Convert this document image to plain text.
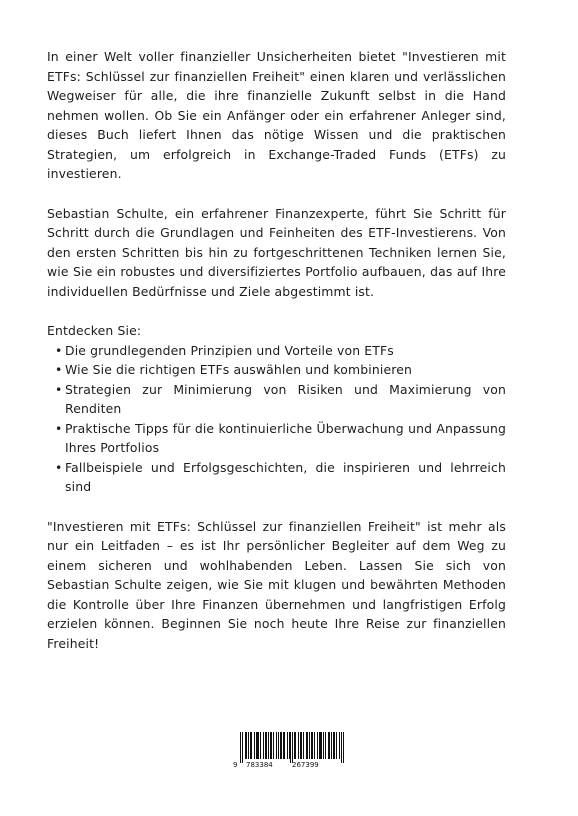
In einer Welt voller finanzieller Unsicherheiten bietet "Investieren mit ETFs: Schlüssel zur finanziellen Freiheit" einen klaren und verlässlichen Wegweiser für alle, die ihre finanzielle Zukunft selbst in die Hand nehmen wollen. Ob Sie ein Anfänger oder ein erfahrener Anleger sind, dieses Buch liefert Ihnen das nötige Wissen und die praktischen Strategien, um erfolgreich in Exchange-Traded Funds (ETFs) zu investieren.

Sebastian Schulte, ein erfahrener Finanzexperte, führt Sie Schritt für Schritt durch die Grundlagen und Feinheiten des ETF-Investierens. Von den ersten Schritten bis hin zu fortgeschrittenen Techniken lernen Sie, wie Sie ein robustes und diversifiziertes Portfolio aufbauen, das auf Ihre individuellen Bedürfnisse und Ziele abgestimmt ist.

Entdecken Sie:

• Die grundlegenden Prinzipien und Vorteile von ETFs
• Wie Sie die richtigen ETFs auswählen und kombinieren
• Strategien zur Minimierung von Risiken und Maximierung von Renditen
• Praktische Tipps für die kontinuierliche Überwachung und Anpassung Ihres Portfolios
• Fallbeispiele und Erfolgsgeschichten, die inspirieren und lehrreich sind

"Investieren mit ETFs: Schlüssel zur finanziellen Freiheit" ist mehr als nur ein Leitfaden – es ist Ihr persönlicher Begleiter auf dem Weg zu einem sicheren und wohlhabenden Leben. Lassen Sie sich von Sebastian Schulte zeigen, wie Sie mit klugen und bewährten Methoden die Kontrolle über Ihre Finanzen übernehmen und langfristigen Erfolg erzielen können. Beginnen Sie noch heute Ihre Reise zur finanziellen Freiheit!

9 783384	267399
